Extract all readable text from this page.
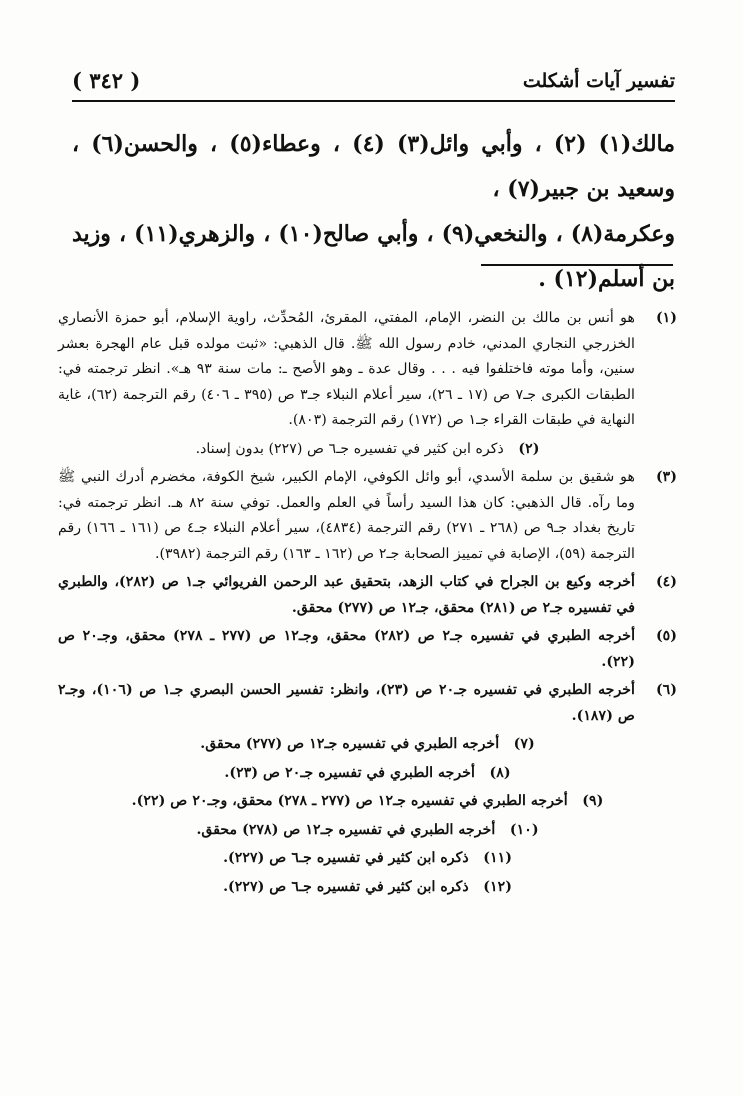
( ٣٤٢ )	تفسير آيات أشكلت

مالك(١) (٢) ، وأبي وائل(٣) (٤) ، وعطاء(٥) ، والحسن(٦) ، وسعيد بن جبير(٧) ،

وعكرمة(٨) ، والنخعي(٩) ، وأبي صالح(١٠) ، والزهري(١١) ، وزيد بن أسلم(١٢) .

(١)
هو أنس بن مالك بن النضر، الإمام، المفتي، المقرئ، المُحدِّث، راوية الإسلام، أبو حمزة الأنصاري الخزرجي النجاري المدني، خادم رسول الله ﷺ. قال الذهبي: «ثبت مولده قبل عام الهجرة بعشر سنين، وأما موته فاختلفوا فيه . . . وقال عدة ـ وهو الأصح ـ: مات سنة ٩٣ هـ». انظر ترجمته في: الطبقات الكبرى جـ٧ ص (١٧ ـ ٢٦)، سير أعلام النبلاء جـ٣ ص (٣٩٥ ـ ٤٠٦) رقم الترجمة (٦٢)، غاية النهاية في طبقات القراء جـ١ ص (١٧٢) رقم الترجمة (٨٠٣).
(٢) ذكره ابن كثير في تفسيره جـ٦ ص (٢٢٧) بدون إسناد.
(٣)
هو شقيق بن سلمة الأسدي، أبو وائل الكوفي، الإمام الكبير، شيخ الكوفة، مخضرم أدرك النبي ﷺ وما رآه. قال الذهبي: كان هذا السيد رأساً في العلم والعمل. توفي سنة ٨٢ هـ. انظر ترجمته في: تاريخ بغداد جـ٩ ص (٢٦٨ ـ ٢٧١) رقم الترجمة (٤٨٣٤)، سير أعلام النبلاء جـ٤ ص (١٦١ ـ ١٦٦) رقم الترجمة (٥٩)، الإصابة في تمييز الصحابة جـ٢ ص (١٦٢ ـ ١٦٣) رقم الترجمة (٣٩٨٢).
(٤)
أخرجه وكيع بن الجراح في كتاب الزهد، بتحقيق عبد الرحمن الفريوائي جـ١ ص (٢٨٢)، والطبري في تفسيره جـ٢ ص (٢٨١) محقق، جـ١٢ ص (٢٧٧) محقق.
(٥)
أخرجه الطبري في تفسيره جـ٢ ص (٢٨٢) محقق، وجـ١٢ ص (٢٧٧ ـ ٢٧٨) محقق، وجـ٢٠ ص (٢٢).
(٦)
أخرجه الطبري في تفسيره جـ٢٠ ص (٢٣)، وانظر: تفسير الحسن البصري جـ١ ص (١٠٦)، وجـ٢ ص (١٨٧).
(٧) أخرجه الطبري في تفسيره جـ١٢ ص (٢٧٧) محقق.
(٨) أخرجه الطبري في تفسيره جـ٢٠ ص (٢٣).
(٩) أخرجه الطبري في تفسيره جـ١٢ ص (٢٧٧ ـ ٢٧٨) محقق، وجـ٢٠ ص (٢٢).
(١٠) أخرجه الطبري في تفسيره جـ١٢ ص (٢٧٨) محقق.
(١١) ذكره ابن كثير في تفسيره جـ٦ ص (٢٢٧).
(١٢) ذكره ابن كثير في تفسيره جـ٦ ص (٢٢٧).
